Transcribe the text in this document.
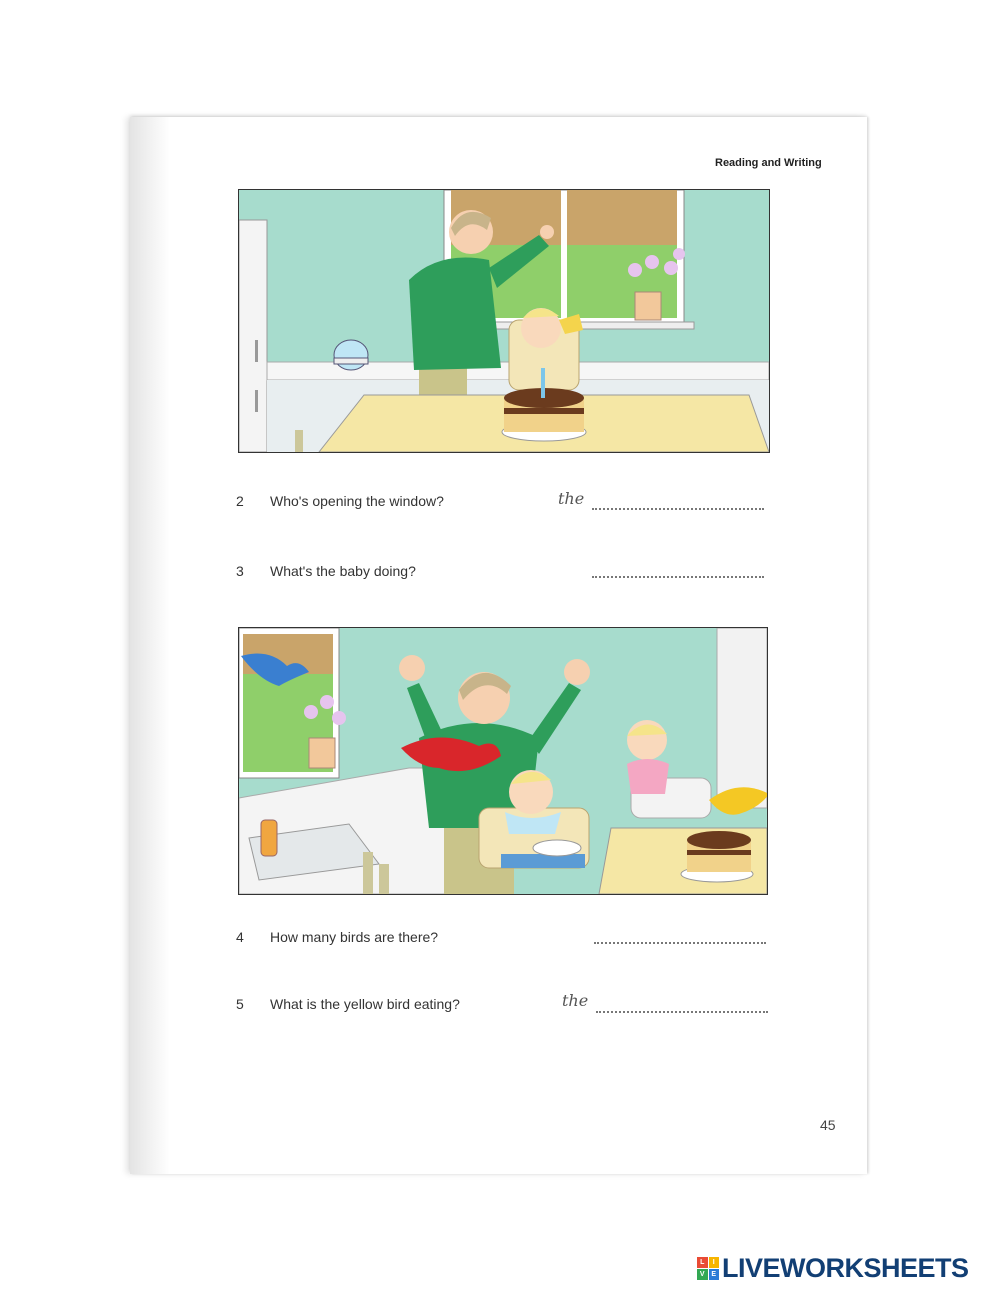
Reading and Writing
2 Who's opening the window?	the
3 What's the baby doing?
4 How many birds are there?
5 What is the yellow bird eating?	the
45
L	I
V E LIVEWORKSHEETS
